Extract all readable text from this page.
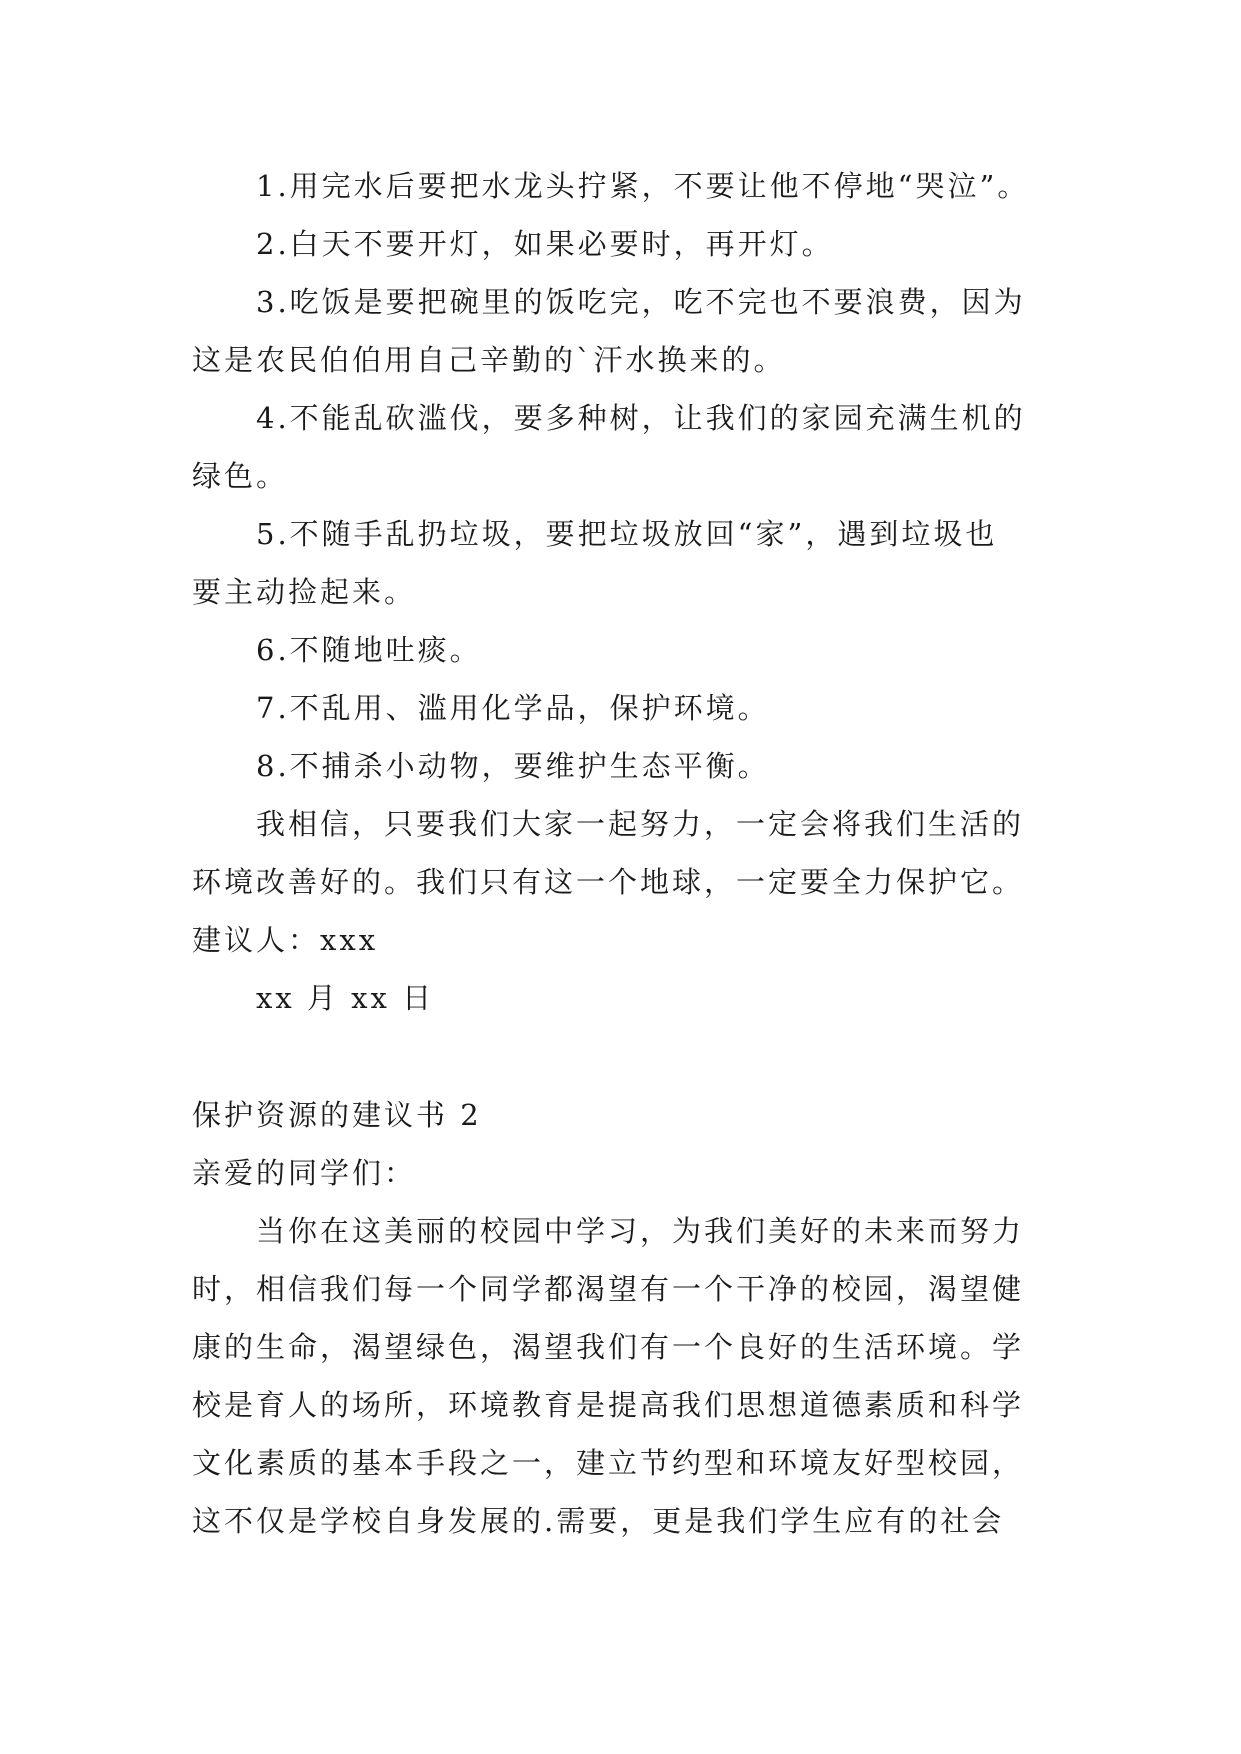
1.用完水后要把水龙头拧紧，不要让他不停地“哭泣”。
2.白天不要开灯，如果必要时，再开灯。
3.吃饭是要把碗里的饭吃完，吃不完也不要浪费，因为
这是农民伯伯用自己辛勤的`汗水换来的。
4.不能乱砍滥伐，要多种树，让我们的家园充满生机的
绿色。
5.不随手乱扔垃圾，要把垃圾放回“家”，遇到垃圾也
要主动捡起来。
6.不随地吐痰。
7.不乱用、滥用化学品，保护环境。
8.不捕杀小动物，要维护生态平衡。
我相信，只要我们大家一起努力，一定会将我们生活的
环境改善好的。我们只有这一个地球，一定要全力保护它。
建议人：xxx
xx 月 xx 日
保护资源的建议书 2
亲爱的同学们：
当你在这美丽的校园中学习，为我们美好的未来而努力
时，相信我们每一个同学都渴望有一个干净的校园，渴望健
康的生命，渴望绿色，渴望我们有一个良好的生活环境。学
校是育人的场所，环境教育是提高我们思想道德素质和科学
文化素质的基本手段之一，建立节约型和环境友好型校园，
这不仅是学校自身发展的.需要，更是我们学生应有的社会
